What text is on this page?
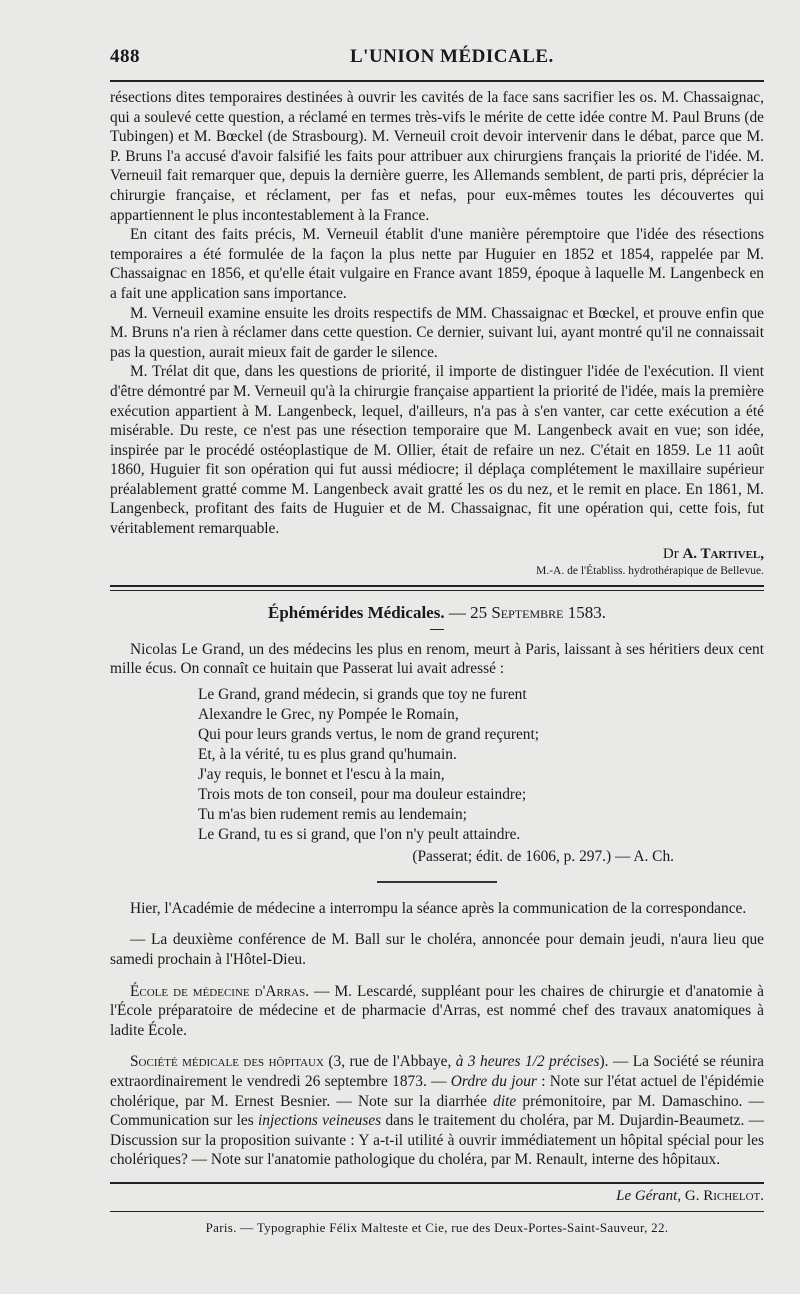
488	L'UNION MÉDICALE.

résections dites temporaires destinées à ouvrir les cavités de la face sans sacrifier les os. M. Chassaignac, qui a soulevé cette question, a réclamé en termes très-vifs le mérite de cette idée contre M. Paul Bruns (de Tubingen) et M. Bœckel (de Strasbourg). M. Verneuil croit devoir intervenir dans le débat, parce que M. P. Bruns l'a accusé d'avoir falsifié les faits pour attribuer aux chirurgiens français la priorité de l'idée. M. Verneuil fait remarquer que, depuis la dernière guerre, les Allemands semblent, de parti pris, déprécier la chirurgie française, et réclament, per fas et nefas, pour eux-mêmes toutes les découvertes qui appartiennent le plus incontestablement à la France.

En citant des faits précis, M. Verneuil établit d'une manière péremptoire que l'idée des résections temporaires a été formulée de la façon la plus nette par Huguier en 1852 et 1854, rappelée par M. Chassaignac en 1856, et qu'elle était vulgaire en France avant 1859, époque à laquelle M. Langenbeck en a fait une application sans importance.

M. Verneuil examine ensuite les droits respectifs de MM. Chassaignac et Bœckel, et prouve enfin que M. Bruns n'a rien à réclamer dans cette question. Ce dernier, suivant lui, ayant montré qu'il ne connaissait pas la question, aurait mieux fait de garder le silence.

M. Trélat dit que, dans les questions de priorité, il importe de distinguer l'idée de l'exécution. Il vient d'être démontré par M. Verneuil qu'à la chirurgie française appartient la priorité de l'idée, mais la première exécution appartient à M. Langenbeck, lequel, d'ailleurs, n'a pas à s'en vanter, car cette exécution a été misérable. Du reste, ce n'est pas une résection temporaire que M. Langenbeck avait en vue; son idée, inspirée par le procédé ostéoplastique de M. Ollier, était de refaire un nez. C'était en 1859. Le 11 août 1860, Huguier fit son opération qui fut aussi médiocre; il déplaça complétement le maxillaire supérieur préalablement gratté comme M. Langenbeck avait gratté les os du nez, et le remit en place. En 1861, M. Langenbeck, profitant des faits de Huguier et de M. Chassaignac, fit une opération qui, cette fois, fut véritablement remarquable.

Dr A. Tartivel,
M.-A. de l'Établiss. hydrothérapique de Bellevue.
Éphémérides Médicales. — 25 Septembre 1583.

Nicolas Le Grand, un des médecins les plus en renom, meurt à Paris, laissant à ses héritiers deux cent mille écus. On connaît ce huitain que Passerat lui avait adressé :

Le Grand, grand médecin, si grands que toy ne furent
Alexandre le Grec, ny Pompée le Romain,
Qui pour leurs grands vertus, le nom de grand reçurent;
Et, à la vérité, tu es plus grand qu'humain.
J'ay requis, le bonnet et l'escu à la main,
Trois mots de ton conseil, pour ma douleur estaindre;
Tu m'as bien rudement remis au lendemain;
Le Grand, tu es si grand, que l'on n'y peult attaindre.
(Passerat; édit. de 1606, p. 297.) — A. Ch.

Hier, l'Académie de médecine a interrompu la séance après la communication de la correspondance.

— La deuxième conférence de M. Ball sur le choléra, annoncée pour demain jeudi, n'aura lieu que samedi prochain à l'Hôtel-Dieu.

École de médecine d'Arras. — M. Lescardé, suppléant pour les chaires de chirurgie et d'anatomie à l'École préparatoire de médecine et de pharmacie d'Arras, est nommé chef des travaux anatomiques à ladite École.

Société médicale des hôpitaux (3, rue de l'Abbaye, à 3 heures 1/2 précises). — La Société se réunira extraordinairement le vendredi 26 septembre 1873. — Ordre du jour : Note sur l'état actuel de l'épidémie cholérique, par M. Ernest Besnier. — Note sur la diarrhée dite prémonitoire, par M. Damaschino. — Communication sur les injections veineuses dans le traitement du choléra, par M. Dujardin-Beaumetz. — Discussion sur la proposition suivante : Y a-t-il utilité à ouvrir immédiatement un hôpital spécial pour les cholériques? — Note sur l'anatomie pathologique du choléra, par M. Renault, interne des hôpitaux.

Le Gérant, G. Richelot.
Paris. — Typographie Félix Malteste et Cie, rue des Deux-Portes-Saint-Sauveur, 22.
